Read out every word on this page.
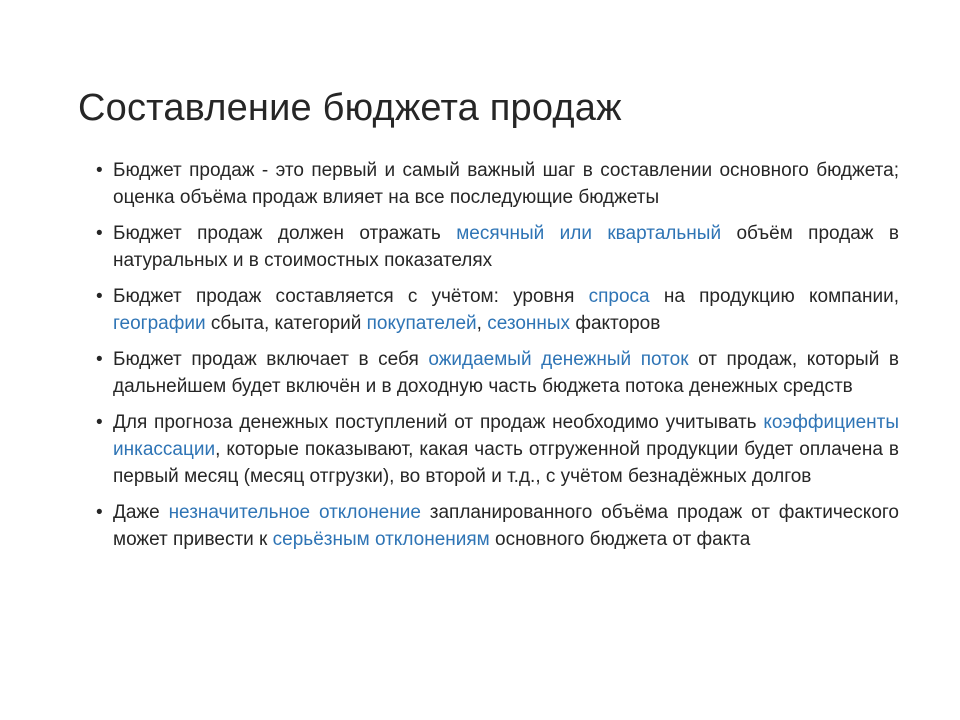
Составление бюджета продаж
• Бюджет продаж - это первый и самый важный шаг в составлении основного бюджета; оценка объёма продаж влияет на все последующие бюджеты
• Бюджет продаж должен отражать месячный или квартальный объём продаж в натуральных и в стоимостных показателях
• Бюджет продаж составляется с учётом: уровня спроса на продукцию компании, географии сбыта, категорий покупателей, сезонных факторов
• Бюджет продаж включает в себя ожидаемый денежный поток от продаж, который в дальнейшем будет включён и в доходную часть бюджета потока денежных средств
• Для прогноза денежных поступлений от продаж необходимо учитывать коэффициенты инкассации, которые показывают, какая часть отгруженной продукции будет оплачена в первый месяц (месяц отгрузки), во второй и т.д., с учётом безнадёжных долгов
• Даже незначительное отклонение запланированного объёма продаж от фактического может привести к серьёзным отклонениям основного бюджета от факта
